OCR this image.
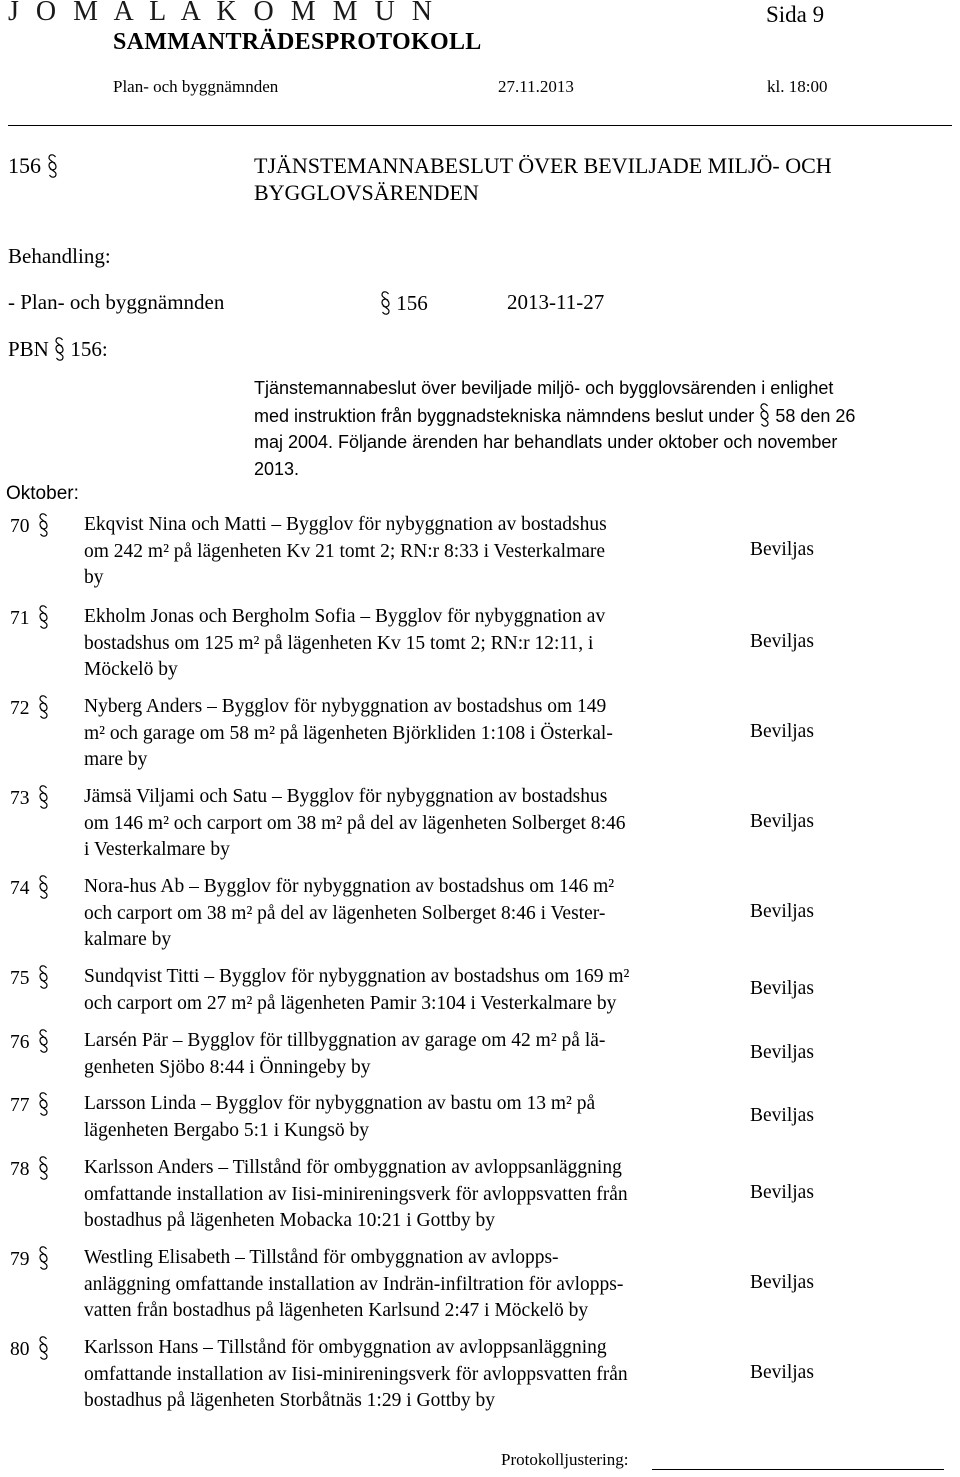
J O M A L A K O M M U N	Sida 9
SAMMANTRÄDESPROTOKOLL
Plan- och byggnämnden	27.11.2013	kl. 18:00
156	TJÄNSTEMANNABESLUT ÖVER BEVILJADE MILJÖ- OCH
BYGGLOVSÄRENDEN
Behandling:
- Plan- och byggnämnden	156	2013-11-27
PBN 156:
Tjänstemannabeslut över beviljade miljö- och bygglovsärenden i enlighet
med instruktion från byggnadstekniska nämndens beslut under 58 den 26
maj 2004. Följande ärenden har behandlats under oktober och november
2013.
Oktober:
70	Ekqvist Nina och Matti – Bygglov för nybyggnation av bostadshus
om 242 m² på lägenheten Kv 21 tomt 2; RN:r 8:33 i Vesterkalmare
by
Beviljas
71	Ekholm Jonas och Bergholm Sofia – Bygglov för nybyggnation av
bostadshus om 125 m² på lägenheten Kv 15 tomt 2; RN:r 12:11, i
Möckelö by
Beviljas
72	Nyberg Anders – Bygglov för nybyggnation av bostadshus om 149
m² och garage om 58 m² på lägenheten Björkliden 1:108 i Österkal-
mare by
Beviljas
73	Jämsä Viljami och Satu – Bygglov för nybyggnation av bostadshus
om 146 m² och carport om 38 m² på del av lägenheten Solberget 8:46
i Vesterkalmare by
Beviljas
74	Nora-hus Ab – Bygglov för nybyggnation av bostadshus om 146 m²
och carport om 38 m² på del av lägenheten Solberget 8:46 i Vester-
kalmare by
Beviljas
75	Sundqvist Titti – Bygglov för nybyggnation av bostadshus om 169 m²
och carport om 27 m² på lägenheten Pamir 3:104 i Vesterkalmare by
Beviljas
76	Larsén Pär – Bygglov för tillbyggnation av garage om 42 m² på lä-
genheten Sjöbo 8:44 i Önningeby by
Beviljas
77	Larsson Linda – Bygglov för nybyggnation av bastu om 13 m² på
lägenheten Bergabo 5:1 i Kungsö by
Beviljas
78	Karlsson Anders – Tillstånd för ombyggnation av avloppsanläggning
omfattande installation av Iisi-minireningsverk för avloppsvatten från
bostadhus på lägenheten Mobacka 10:21 i Gottby by
Beviljas
79	Westling Elisabeth – Tillstånd för ombyggnation av avlopps-
anläggning omfattande installation av Indrän-infiltration för avlopps-
vatten från bostadhus på lägenheten Karlsund 2:47 i Möckelö by
Beviljas
80	Karlsson Hans – Tillstånd för ombyggnation av avloppsanläggning
omfattande installation av Iisi-minireningsverk för avloppsvatten från
bostadhus på lägenheten Storbåtnäs 1:29 i Gottby by
Beviljas
Protokolljustering:
